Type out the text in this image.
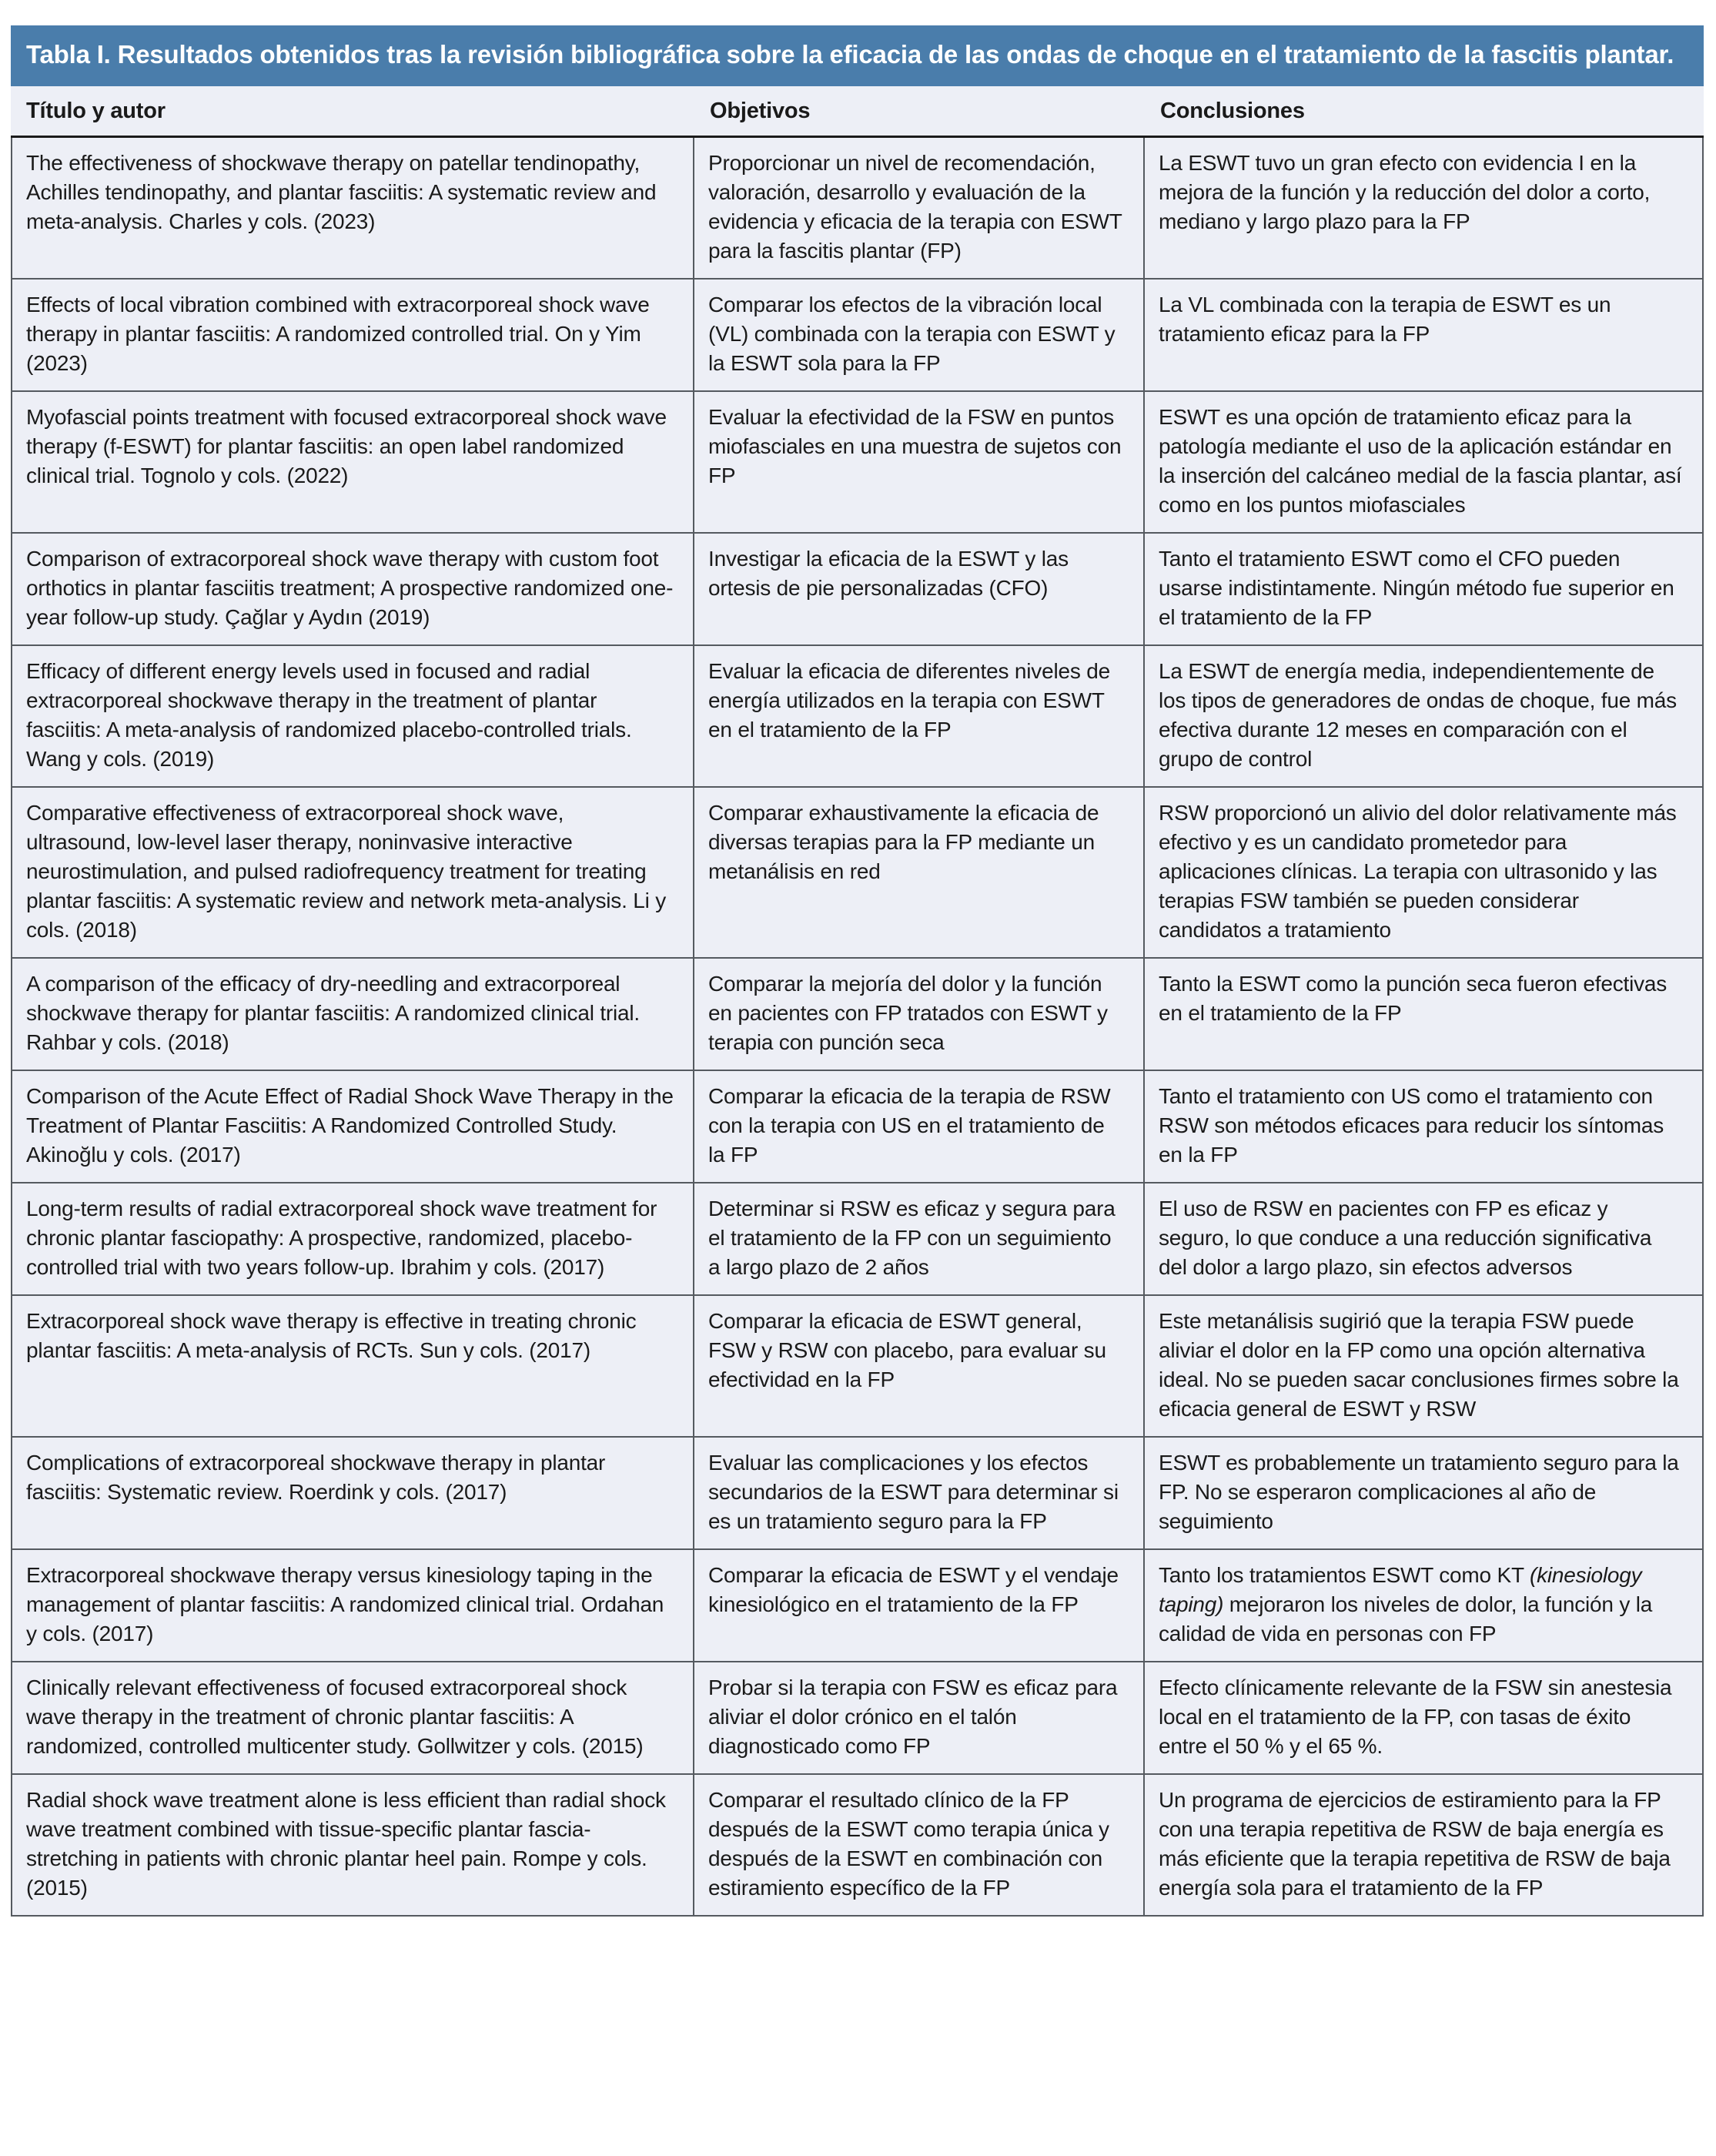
Tabla I. Resultados obtenidos tras la revisión bibliográfica sobre la eficacia de las ondas de choque en el tratamiento de la fascitis plantar.
Título y autor	Objetivos	Conclusiones
The effectiveness of shockwave therapy on patellar tendinopathy, Achilles tendinopathy, and plantar fasciitis: A systematic review and meta-analysis. Charles y cols. (2023)
Proporcionar un nivel de recomendación, valoración, desarrollo y evaluación de la evidencia y eficacia de la terapia con ESWT para la fascitis plantar (FP)
La ESWT tuvo un gran efecto con evidencia I en la mejora de la función y la reducción del dolor a corto, mediano y largo plazo para la FP
Effects of local vibration combined with extracorporeal shock wave therapy in plantar fasciitis: A randomized controlled trial. On y Yim (2023)
Comparar los efectos de la vibración local (VL) combinada con la terapia con ESWT y la ESWT sola para la FP
La VL combinada con la terapia de ESWT es un tratamiento eficaz para la FP
Myofascial points treatment with focused extracorporeal shock wave therapy (f-ESWT) for plantar fasciitis: an open label randomized clinical trial. Tognolo y cols. (2022)
Evaluar la efectividad de la FSW en puntos miofasciales en una muestra de sujetos con FP
ESWT es una opción de tratamiento eficaz para la patología mediante el uso de la aplicación estándar en la inserción del calcáneo medial de la fascia plantar, así como en los puntos miofasciales
Comparison of extracorporeal shock wave therapy with custom foot orthotics in plantar fasciitis treatment; A prospective randomized one-year follow-up study. Çağlar y Aydın (2019)
Investigar la eficacia de la ESWT y las ortesis de pie personalizadas (CFO)
Tanto el tratamiento ESWT como el CFO pueden usarse indistintamente. Ningún método fue superior en el tratamiento de la FP
Efficacy of different energy levels used in focused and radial extracorporeal shockwave therapy in the treatment of plantar fasciitis: A meta-analysis of randomized placebo-controlled trials. Wang y cols. (2019)
Evaluar la eficacia de diferentes niveles de energía utilizados en la terapia con ESWT en el tratamiento de la FP
La ESWT de energía media, independientemente de los tipos de generadores de ondas de choque, fue más efectiva durante 12 meses en comparación con el grupo de control
Comparative effectiveness of extracorporeal shock wave, ultrasound, low-level laser therapy, noninvasive interactive neurostimulation, and pulsed radiofrequency treatment for treating plantar fasciitis: A systematic review and network meta-analysis. Li y cols. (2018)
Comparar exhaustivamente la eficacia de diversas terapias para la FP mediante un metanálisis en red
RSW proporcionó un alivio del dolor relativamente más efectivo y es un candidato prometedor para aplicaciones clínicas. La terapia con ultrasonido y las terapias FSW también se pueden considerar candidatos a tratamiento
A comparison of the efficacy of dry-needling and extracorporeal shockwave therapy for plantar fasciitis: A randomized clinical trial. Rahbar y cols. (2018)
Comparar la mejoría del dolor y la función en pacientes con FP tratados con ESWT y terapia con punción seca
Tanto la ESWT como la punción seca fueron efectivas en el tratamiento de la FP
Comparison of the Acute Effect of Radial Shock Wave Therapy in the Treatment of Plantar Fasciitis: A Randomized Controlled Study. Akinoğlu y cols. (2017)
Comparar la eficacia de la terapia de RSW con la terapia con US en el tratamiento de la FP
Tanto el tratamiento con US como el tratamiento con RSW son métodos eficaces para reducir los síntomas en la FP
Long-term results of radial extracorporeal shock wave treatment for chronic plantar fasciopathy: A prospective, randomized, placebo-controlled trial with two years follow-up. Ibrahim y cols. (2017)
Determinar si RSW es eficaz y segura para el tratamiento de la FP con un seguimiento a largo plazo de 2 años
El uso de RSW en pacientes con FP es eficaz y seguro, lo que conduce a una reducción significativa del dolor a largo plazo, sin efectos adversos
Extracorporeal shock wave therapy is effective in treating chronic plantar fasciitis: A meta-analysis of RCTs. Sun y cols. (2017)
Comparar la eficacia de ESWT general, FSW y RSW con placebo, para evaluar su efectividad en la FP
Este metanálisis sugirió que la terapia FSW puede aliviar el dolor en la FP como una opción alternativa ideal. No se pueden sacar conclusiones firmes sobre la eficacia general de ESWT y RSW
Complications of extracorporeal shockwave therapy in plantar fasciitis: Systematic review. Roerdink y cols. (2017)
Evaluar las complicaciones y los efectos secundarios de la ESWT para determinar si es un tratamiento seguro para la FP
ESWT es probablemente un tratamiento seguro para la FP. No se esperaron complicaciones al año de seguimiento
Extracorporeal shockwave therapy versus kinesiology taping in the management of plantar fasciitis: A randomized clinical trial. Ordahan y cols. (2017)
Comparar la eficacia de ESWT y el vendaje kinesiológico en el tratamiento de la FP
Tanto los tratamientos ESWT como KT (kinesiology taping) mejoraron los niveles de dolor, la función y la calidad de vida en personas con FP
Clinically relevant effectiveness of focused extracorporeal shock wave therapy in the treatment of chronic plantar fasciitis: A randomized, controlled multicenter study. Gollwitzer y cols. (2015)
Probar si la terapia con FSW es eficaz para aliviar el dolor crónico en el talón diagnosticado como FP
Efecto clínicamente relevante de la FSW sin anestesia local en el tratamiento de la FP, con tasas de éxito entre el 50 % y el 65 %.
Radial shock wave treatment alone is less efficient than radial shock wave treatment combined with tissue-specific plantar fascia-stretching in patients with chronic plantar heel pain. Rompe y cols. (2015)
Comparar el resultado clínico de la FP después de la ESWT como terapia única y después de la ESWT en combinación con estiramiento específico de la FP
Un programa de ejercicios de estiramiento para la FP con una terapia repetitiva de RSW de baja energía es más eficiente que la terapia repetitiva de RSW de baja energía sola para el tratamiento de la FP
